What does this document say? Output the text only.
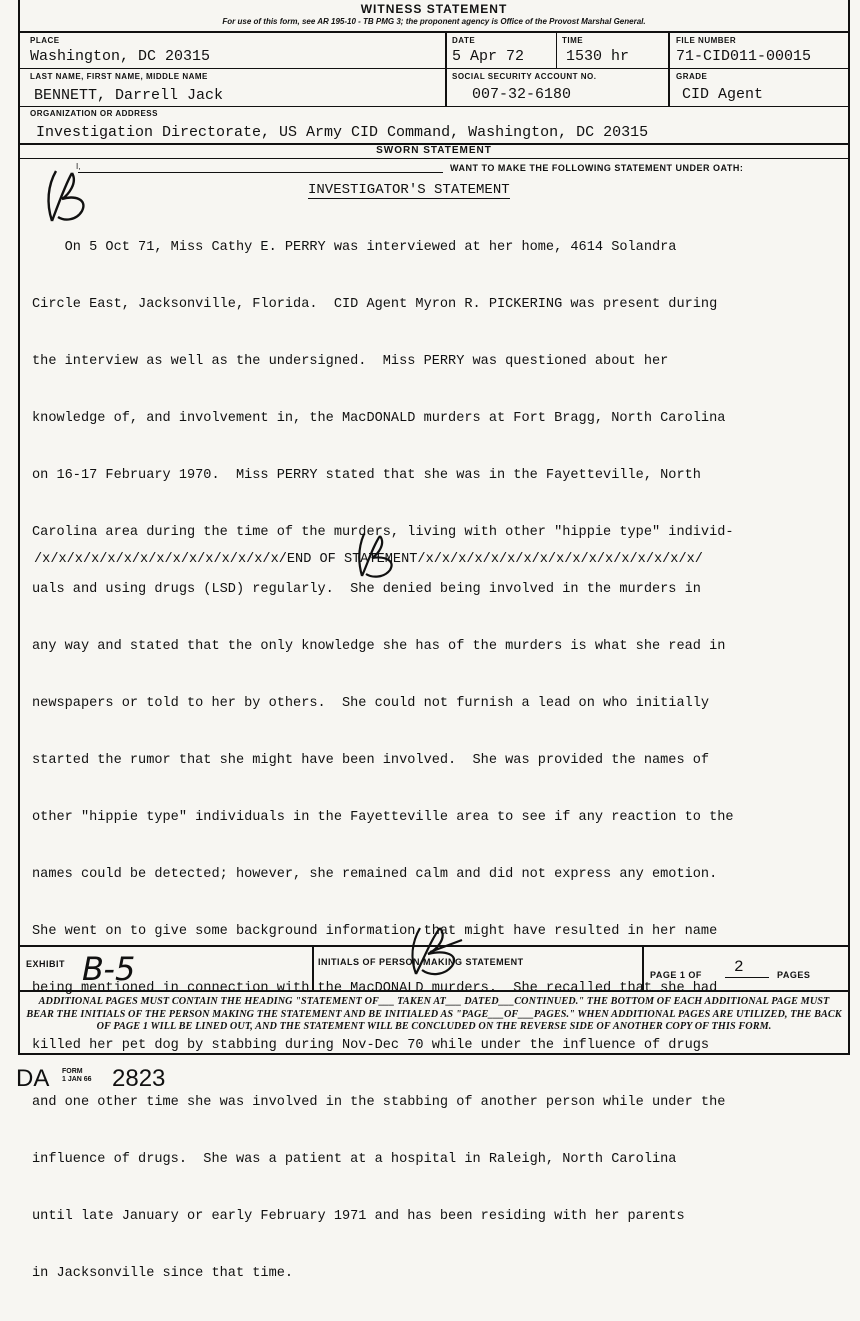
WITNESS STATEMENT
For use of this form, see AR 195-10 - TB PMG 3; the proponent agency is Office of the Provost Marshal General.
PLACE
Washington, DC 20315
DATE
5 Apr 72
TIME
1530 hr
FILE NUMBER
71-CID011-00015
LAST NAME, FIRST NAME, MIDDLE NAME
BENNETT, Darrell Jack
SOCIAL SECURITY ACCOUNT NO.
007-32-6180
GRADE
CID Agent
ORGANIZATION OR ADDRESS
Investigation Directorate, US Army CID Command, Washington, DC 20315
SWORN STATEMENT
I,	WANT TO MAKE THE FOLLOWING STATEMENT UNDER OATH:
INVESTIGATOR'S STATEMENT

On 5 Oct 71, Miss Cathy E. PERRY was interviewed at her home, 4614 Solandra

Circle East, Jacksonville, Florida.  CID Agent Myron R. PICKERING was present during

the interview as well as the undersigned.  Miss PERRY was questioned about her

knowledge of, and involvement in, the MacDONALD murders at Fort Bragg, North Carolina

on 16-17 February 1970.  Miss PERRY stated that she was in the Fayetteville, North

Carolina area during the time of the murders, living with other "hippie type" individ-

uals and using drugs (LSD) regularly.  She denied being involved in the murders in

any way and stated that the only knowledge she has of the murders is what she read in

newspapers or told to her by others.  She could not furnish a lead on who initially

started the rumor that she might have been involved.  She was provided the names of

other "hippie type" individuals in the Fayetteville area to see if any reaction to the

names could be detected; however, she remained calm and did not express any emotion.

She went on to give some background information that might have resulted in her name

being mentioned in connection with the MacDONALD murders.  She recalled that she had

killed her pet dog by stabbing during Nov-Dec 70 while under the influence of drugs

and one other time she was involved in the stabbing of another person while under the

influence of drugs.  She was a patient at a hospital in Raleigh, North Carolina

until late January or early February 1971 and has been residing with her parents

in Jacksonville since that time.

/x/x/x/x/x/x/x/x/x/x/x/x/x/x/x/END OF STATEMENT/x/x/x/x/x/x/x/x/x/x/x/x/x/x/x/x/x/
EXHIBIT B-5	INITIALS OF PERSON MAKING STATEMENT
PAGE 1 OF 2	PAGES
ADDITIONAL PAGES MUST CONTAIN THE HEADING "STATEMENT OF___ TAKEN AT___ DATED___CONTINUED." THE BOTTOM OF EACH ADDITIONAL PAGE MUST BEAR THE INITIALS OF THE PERSON MAKING THE STATEMENT AND BE INITIALED AS "PAGE___OF___PAGES." WHEN ADDITIONAL PAGES ARE UTILIZED, THE BACK OF PAGE 1 WILL BE LINED OUT, AND THE STATEMENT WILL BE CONCLUDED ON THE REVERSE SIDE OF ANOTHER COPY OF THIS FORM.
DA FORM
1 JAN 66 2823
